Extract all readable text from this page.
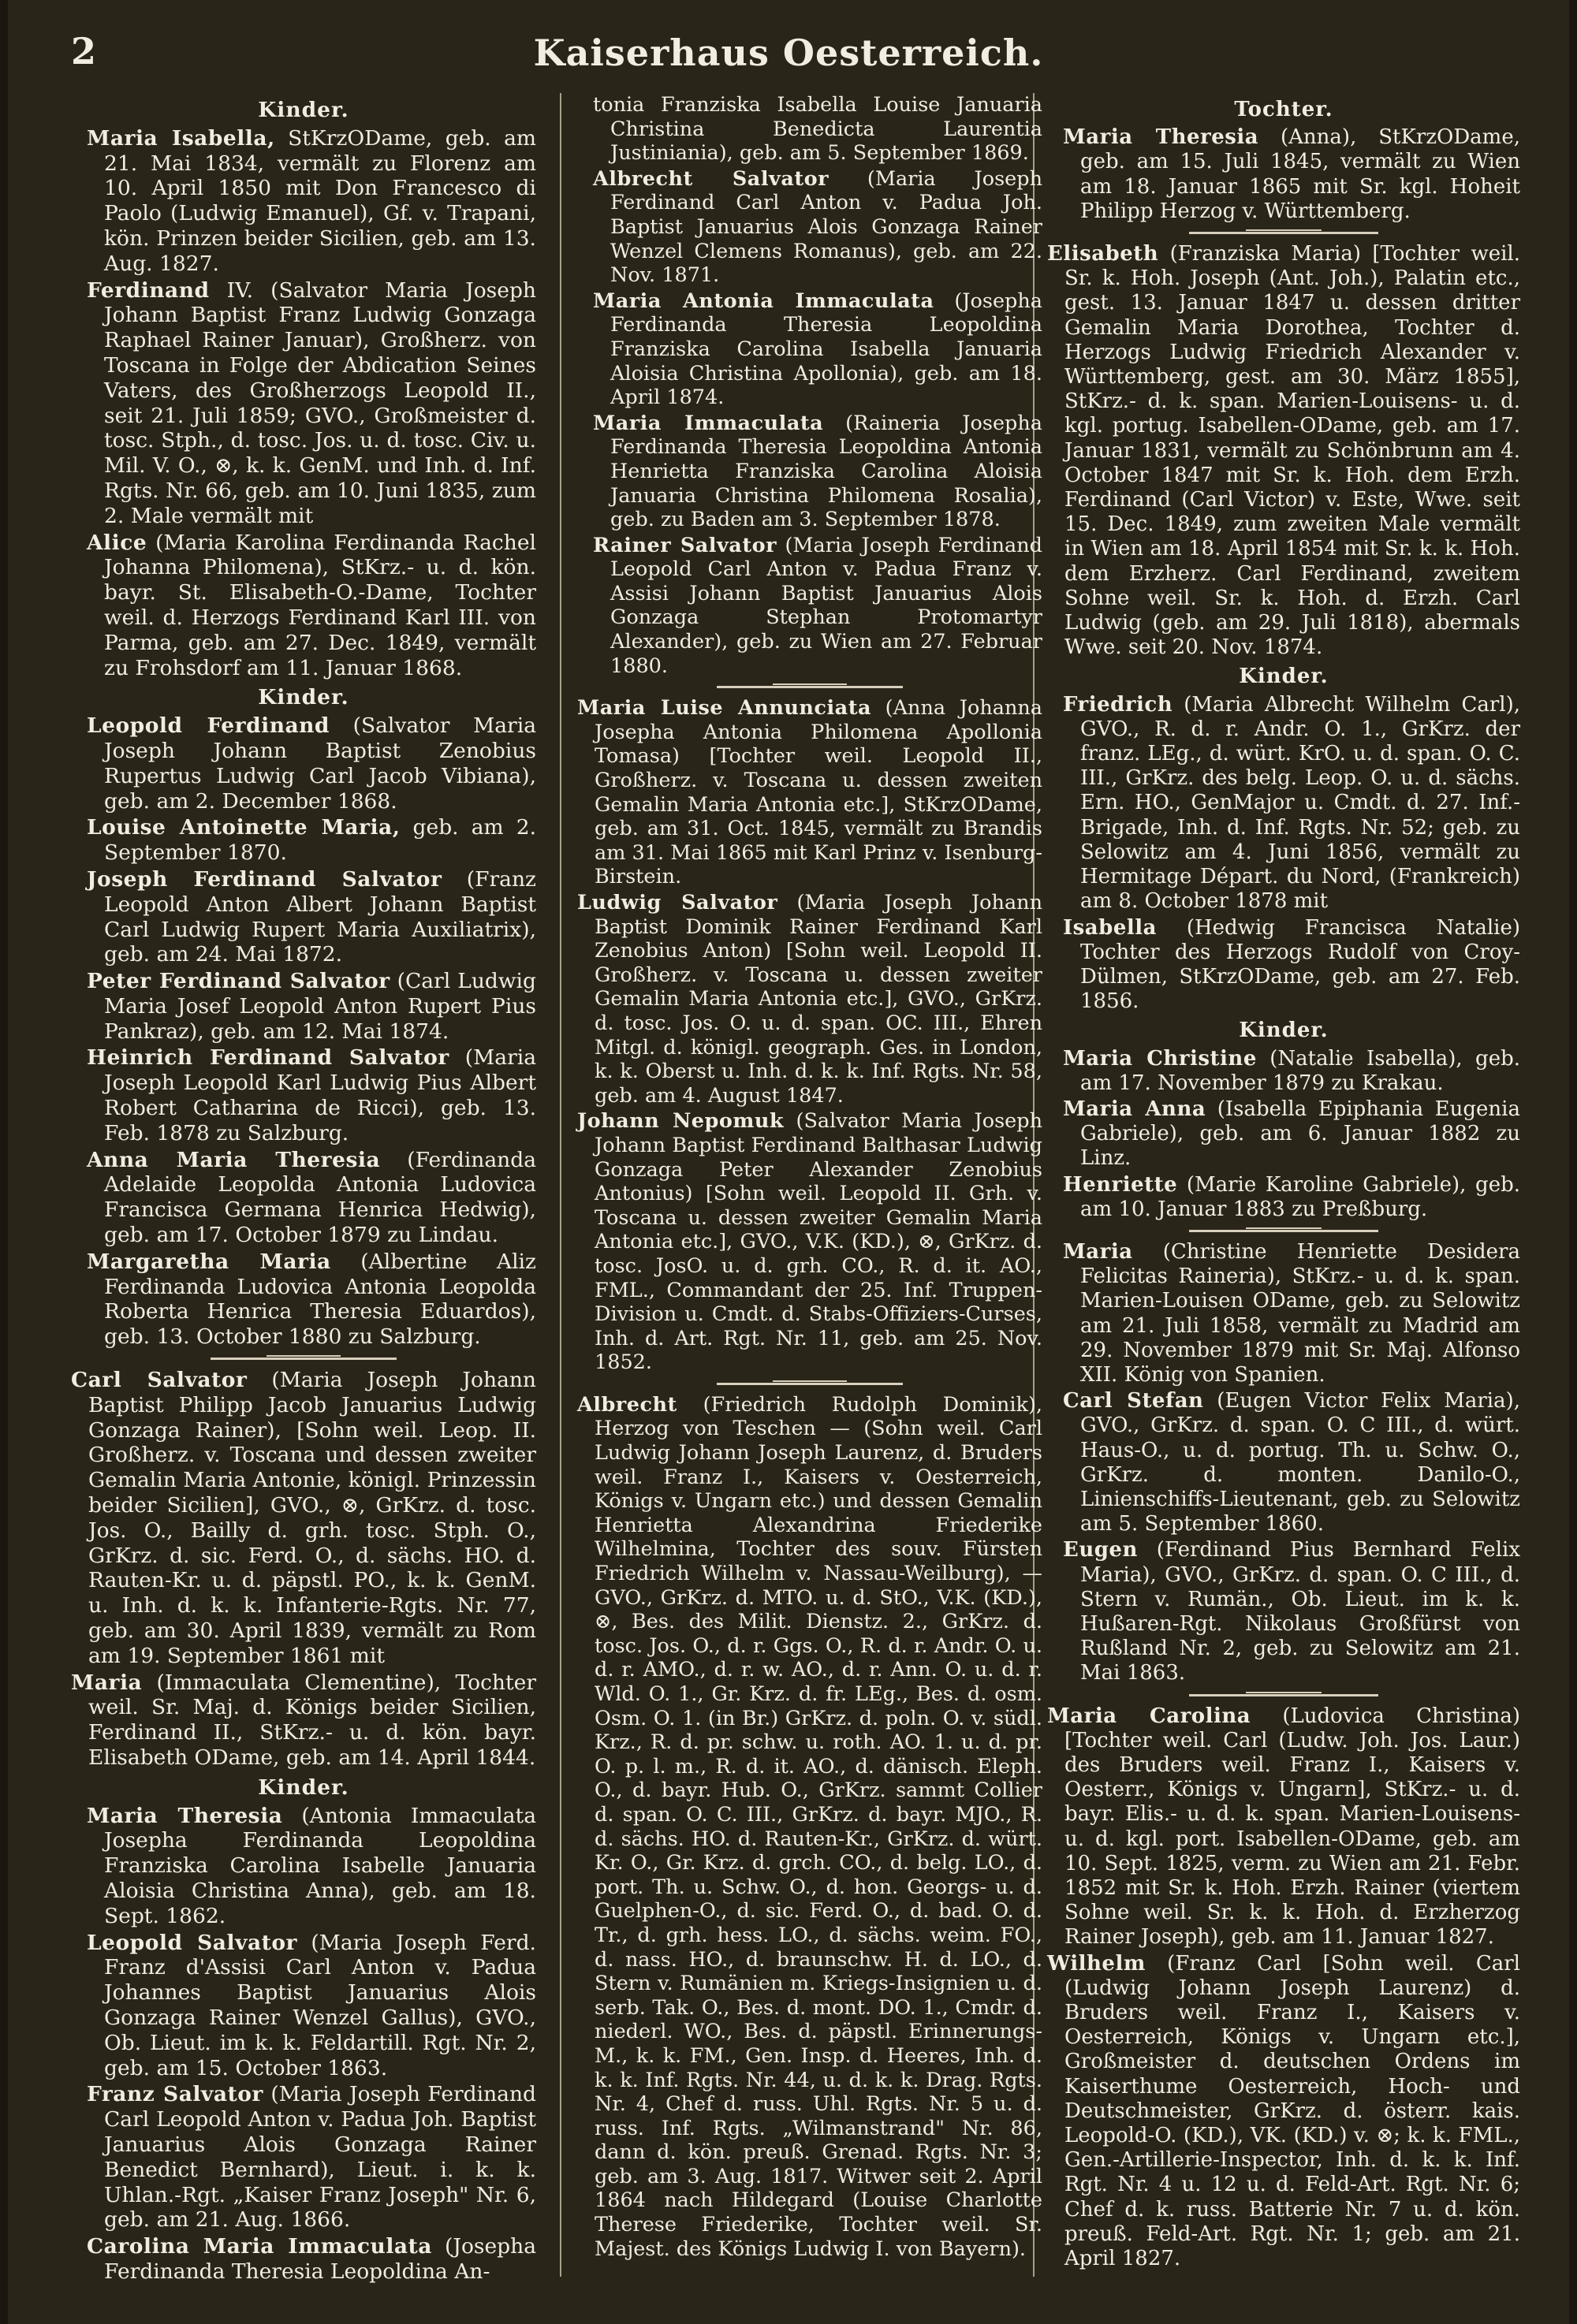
2	Kaiserhaus Oesterreich.
Kinder.

Maria Isabella, StKrzODame, geb. am 21. Mai 1834, vermält zu Florenz am 10. April 1850 mit Don Francesco di Paolo (Ludwig Emanuel), Gf. v. Trapani, kön. Prinzen beider Sicilien, geb. am 13. Aug. 1827.

Ferdinand IV. (Salvator Maria Joseph Johann Baptist Franz Ludwig Gonzaga Raphael Rainer Januar), Großherz. von Toscana in Folge der Abdication Seines Vaters, des Großherzogs Leopold II., seit 21. Juli 1859; GVO., Großmeister d. tosc. Stph., d. tosc. Jos. u. d. tosc. Civ. u. Mil. V. O., ⊗, k. k. GenM. und Inh. d. Inf. Rgts. Nr. 66, geb. am 10. Juni 1835, zum 2. Male vermält mit

Alice (Maria Karolina Ferdinanda Rachel Johanna Philomena), StKrz.- u. d. kön. bayr. St. Elisabeth-O.-Dame, Tochter weil. d. Herzogs Ferdinand Karl III. von Parma, geb. am 27. Dec. 1849, vermält zu Frohsdorf am 11. Januar 1868.

Kinder.

Leopold Ferdinand (Salvator Maria Joseph Johann Baptist Zenobius Rupertus Ludwig Carl Jacob Vibiana), geb. am 2. December 1868.

Louise Antoinette Maria, geb. am 2. September 1870.

Joseph Ferdinand Salvator (Franz Leopold Anton Albert Johann Baptist Carl Ludwig Rupert Maria Auxiliatrix), geb. am 24. Mai 1872.

Peter Ferdinand Salvator (Carl Ludwig Maria Josef Leopold Anton Rupert Pius Pankraz), geb. am 12. Mai 1874.

Heinrich Ferdinand Salvator (Maria Joseph Leopold Karl Ludwig Pius Albert Robert Catharina de Ricci), geb. 13. Feb. 1878 zu Salzburg.

Anna Maria Theresia (Ferdinanda Adelaide Leopolda Antonia Ludovica Francisca Germana Henrica Hedwig), geb. am 17. October 1879 zu Lindau.

Margaretha Maria (Albertine Aliz Ferdinanda Ludovica Antonia Leopolda Roberta Henrica Theresia Eduardos), geb. 13. October 1880 zu Salzburg.

Carl Salvator (Maria Joseph Johann Baptist Philipp Jacob Januarius Ludwig Gonzaga Rainer), [Sohn weil. Leop. II. Großherz. v. Toscana und dessen zweiter Gemalin Maria Antonie, königl. Prinzessin beider Sicilien], GVO., ⊗, GrKrz. d. tosc. Jos. O., Bailly d. grh. tosc. Stph. O., GrKrz. d. sic. Ferd. O., d. sächs. HO. d. Rauten-Kr. u. d. päpstl. PO., k. k. GenM. u. Inh. d. k. k. Infanterie-Rgts. Nr. 77, geb. am 30. April 1839, vermält zu Rom am 19. September 1861 mit

Maria (Immaculata Clementine), Tochter weil. Sr. Maj. d. Königs beider Sicilien, Ferdinand II., StKrz.- u. d. kön. bayr. Elisabeth ODame, geb. am 14. April 1844.

Kinder.

Maria Theresia (Antonia Immaculata Josepha Ferdinanda Leopoldina Franziska Carolina Isabelle Januaria Aloisia Christina Anna), geb. am 18. Sept. 1862.

Leopold Salvator (Maria Joseph Ferd. Franz d'Assisi Carl Anton v. Padua Johannes Baptist Januarius Alois Gonzaga Rainer Wenzel Gallus), GVO., Ob. Lieut. im k. k. Feldartill. Rgt. Nr. 2, geb. am 15. October 1863.

Franz Salvator (Maria Joseph Ferdinand Carl Leopold Anton v. Padua Joh. Baptist Januarius Alois Gonzaga Rainer Benedict Bernhard), Lieut. i. k. k. Uhlan.-Rgt. „Kaiser Franz Joseph" Nr. 6, geb. am 21. Aug. 1866.

Carolina Maria Immaculata (Josepha Ferdinanda Theresia Leopoldina An-

tonia Franziska Isabella Louise Januaria Christina Benedicta Laurentia Justiniania), geb. am 5. September 1869.

Albrecht Salvator (Maria Joseph Ferdinand Carl Anton v. Padua Joh. Baptist Januarius Alois Gonzaga Rainer Wenzel Clemens Romanus), geb. am 22. Nov. 1871.

Maria Antonia Immaculata (Josepha Ferdinanda Theresia Leopoldina Franziska Carolina Isabella Januaria Aloisia Christina Apollonia), geb. am 18. April 1874.

Maria Immaculata (Raineria Josepha Ferdinanda Theresia Leopoldina Antonia Henrietta Franziska Carolina Aloisia Januaria Christina Philomena Rosalia), geb. zu Baden am 3. September 1878.

Rainer Salvator (Maria Joseph Ferdinand Leopold Carl Anton v. Padua Franz v. Assisi Johann Baptist Januarius Alois Gonzaga Stephan Protomartyr Alexander), geb. zu Wien am 27. Februar 1880.

Maria Luise Annunciata (Anna Johanna Josepha Antonia Philomena Apollonia Tomasa) [Tochter weil. Leopold II., Großherz. v. Toscana u. dessen zweiten Gemalin Maria Antonia etc.], StKrzODame, geb. am 31. Oct. 1845, vermält zu Brandis am 31. Mai 1865 mit Karl Prinz v. Isenburg-Birstein.

Ludwig Salvator (Maria Joseph Johann Baptist Dominik Rainer Ferdinand Karl Zenobius Anton) [Sohn weil. Leopold II. Großherz. v. Toscana u. dessen zweiter Gemalin Maria Antonia etc.], GVO., GrKrz. d. tosc. Jos. O. u. d. span. OC. III., Ehren Mitgl. d. königl. geograph. Ges. in London, k. k. Oberst u. Inh. d. k. k. Inf. Rgts. Nr. 58, geb. am 4. August 1847.

Johann Nepomuk (Salvator Maria Joseph Johann Baptist Ferdinand Balthasar Ludwig Gonzaga Peter Alexander Zenobius Antonius) [Sohn weil. Leopold II. Grh. v. Toscana u. dessen zweiter Gemalin Maria Antonia etc.], GVO., V.K. (KD.), ⊗, GrKrz. d. tosc. JosO. u. d. grh. CO., R. d. it. AO., FML., Commandant der 25. Inf. Truppen-Division u. Cmdt. d. Stabs-Offiziers-Curses, Inh. d. Art. Rgt. Nr. 11, geb. am 25. Nov. 1852.

Albrecht (Friedrich Rudolph Dominik), Herzog von Teschen — (Sohn weil. Carl Ludwig Johann Joseph Laurenz, d. Bruders weil. Franz I., Kaisers v. Oesterreich, Königs v. Ungarn etc.) und dessen Gemalin Henrietta Alexandrina Friederike Wilhelmina, Tochter des souv. Fürsten Friedrich Wilhelm v. Nassau-Weilburg), — GVO., GrKrz. d. MTO. u. d. StO., V.K. (KD.), ⊗, Bes. des Milit. Dienstz. 2., GrKrz. d. tosc. Jos. O., d. r. Ggs. O., R. d. r. Andr. O. u. d. r. AMO., d. r. w. AO., d. r. Ann. O. u. d. r. Wld. O. 1., Gr. Krz. d. fr. LEg., Bes. d. osm. Osm. O. 1. (in Br.) GrKrz. d. poln. O. v. südl. Krz., R. d. pr. schw. u. roth. AO. 1. u. d. pr. O. p. l. m., R. d. it. AO., d. dänisch. Eleph. O., d. bayr. Hub. O., GrKrz. sammt Collier d. span. O. C. III., GrKrz. d. bayr. MJO., R. d. sächs. HO. d. Rauten-Kr., GrKrz. d. würt. Kr. O., Gr. Krz. d. grch. CO., d. belg. LO., d. port. Th. u. Schw. O., d. hon. Georgs- u. d. Guelphen-O., d. sic. Ferd. O., d. bad. O. d. Tr., d. grh. hess. LO., d. sächs. weim. FO., d. nass. HO., d. braunschw. H. d. LO., d. Stern v. Rumänien m. Kriegs-Insignien u. d. serb. Tak. O., Bes. d. mont. DO. 1., Cmdr. d. niederl. WO., Bes. d. päpstl. Erinnerungs-M., k. k. FM., Gen. Insp. d. Heeres, Inh. d. k. k. Inf. Rgts. Nr. 44, u. d. k. k. Drag. Rgts. Nr. 4, Chef d. russ. Uhl. Rgts. Nr. 5 u. d. russ. Inf. Rgts. „Wilmanstrand" Nr. 86, dann d. kön. preuß. Grenad. Rgts. Nr. 3; geb. am 3. Aug. 1817. Witwer seit 2. April 1864 nach Hildegard (Louise Charlotte Therese Friederike, Tochter weil. Sr. Majest. des Königs Ludwig I. von Bayern).

Tochter.

Maria Theresia (Anna), StKrzODame, geb. am 15. Juli 1845, vermält zu Wien am 18. Januar 1865 mit Sr. kgl. Hoheit Philipp Herzog v. Württemberg.

Elisabeth (Franziska Maria) [Tochter weil. Sr. k. Hoh. Joseph (Ant. Joh.), Palatin etc., gest. 13. Januar 1847 u. dessen dritter Gemalin Maria Dorothea, Tochter d. Herzogs Ludwig Friedrich Alexander v. Württemberg, gest. am 30. März 1855], StKrz.- d. k. span. Marien-Louisens- u. d. kgl. portug. Isabellen-ODame, geb. am 17. Januar 1831, vermält zu Schönbrunn am 4. October 1847 mit Sr. k. Hoh. dem Erzh. Ferdinand (Carl Victor) v. Este, Wwe. seit 15. Dec. 1849, zum zweiten Male vermält in Wien am 18. April 1854 mit Sr. k. k. Hoh. dem Erzherz. Carl Ferdinand, zweitem Sohne weil. Sr. k. Hoh. d. Erzh. Carl Ludwig (geb. am 29. Juli 1818), abermals Wwe. seit 20. Nov. 1874.

Kinder.

Friedrich (Maria Albrecht Wilhelm Carl), GVO., R. d. r. Andr. O. 1., GrKrz. der franz. LEg., d. würt. KrO. u. d. span. O. C. III., GrKrz. des belg. Leop. O. u. d. sächs. Ern. HO., GenMajor u. Cmdt. d. 27. Inf.-Brigade, Inh. d. Inf. Rgts. Nr. 52; geb. zu Selowitz am 4. Juni 1856, vermält zu Hermitage Départ. du Nord, (Frankreich) am 8. October 1878 mit

Isabella (Hedwig Francisca Natalie) Tochter des Herzogs Rudolf von Croy-Dülmen, StKrzODame, geb. am 27. Feb. 1856.

Kinder.

Maria Christine (Natalie Isabella), geb. am 17. November 1879 zu Krakau.

Maria Anna (Isabella Epiphania Eugenia Gabriele), geb. am 6. Januar 1882 zu Linz.

Henriette (Marie Karoline Gabriele), geb. am 10. Januar 1883 zu Preßburg.

Maria (Christine Henriette Desidera Felicitas Raineria), StKrz.- u. d. k. span. Marien-Louisen ODame, geb. zu Selowitz am 21. Juli 1858, vermält zu Madrid am 29. November 1879 mit Sr. Maj. Alfonso XII. König von Spanien.

Carl Stefan (Eugen Victor Felix Maria), GVO., GrKrz. d. span. O. C III., d. würt. Haus-O., u. d. portug. Th. u. Schw. O., GrKrz. d. monten. Danilo-O., Linienschiffs-Lieutenant, geb. zu Selowitz am 5. September 1860.

Eugen (Ferdinand Pius Bernhard Felix Maria), GVO., GrKrz. d. span. O. C III., d. Stern v. Rumän., Ob. Lieut. im k. k. Hußaren-Rgt. Nikolaus Großfürst von Rußland Nr. 2, geb. zu Selowitz am 21. Mai 1863.

Maria Carolina (Ludovica Christina) [Tochter weil. Carl (Ludw. Joh. Jos. Laur.) des Bruders weil. Franz I., Kaisers v. Oesterr., Königs v. Ungarn], StKrz.- u. d. bayr. Elis.- u. d. k. span. Marien-Louisens- u. d. kgl. port. Isabellen-ODame, geb. am 10. Sept. 1825, verm. zu Wien am 21. Febr. 1852 mit Sr. k. Hoh. Erzh. Rainer (viertem Sohne weil. Sr. k. k. Hoh. d. Erzherzog Rainer Joseph), geb. am 11. Januar 1827.

Wilhelm (Franz Carl [Sohn weil. Carl (Ludwig Johann Joseph Laurenz) d. Bruders weil. Franz I., Kaisers v. Oesterreich, Königs v. Ungarn etc.], Großmeister d. deutschen Ordens im Kaiserthume Oesterreich, Hoch- und Deutschmeister, GrKrz. d. österr. kais. Leopold-O. (KD.), VK. (KD.) v. ⊗; k. k. FML., Gen.-Artillerie-Inspector, Inh. d. k. k. Inf. Rgt. Nr. 4 u. 12 u. d. Feld-Art. Rgt. Nr. 6; Chef d. k. russ. Batterie Nr. 7 u. d. kön. preuß. Feld-Art. Rgt. Nr. 1; geb. am 21. April 1827.
